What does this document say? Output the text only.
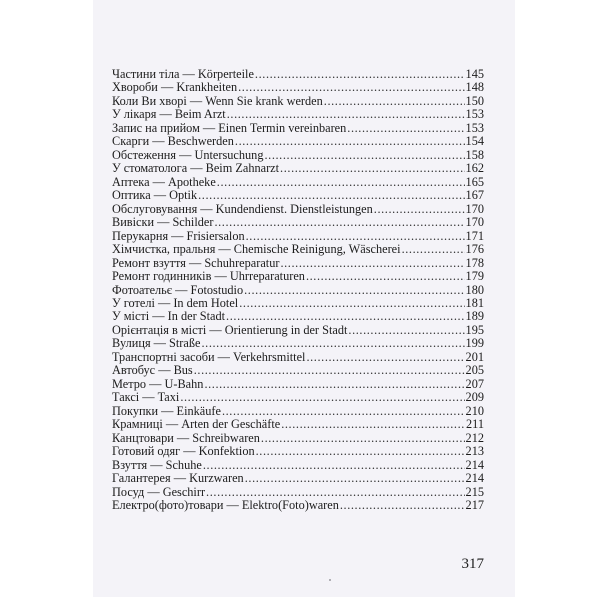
Частини тіла — Körperteile .....	145
Хвороби — Krankheiten .....	148
Коли Ви хворі — Wenn Sie krank werden .....	150
У лікаря — Beim Arzt .....	153
Запис на прийом — Einen Termin vereinbaren .....	153
Скарги — Beschwerden .....	154
Обстеження — Untersuchung .....	158
У стоматолога — Beim Zahnarzt .....	162
Аптека — Apotheke .....	165
Оптика — Optik .....	167
Обслуговування — Kundendienst. Dienstleistungen .....	170
Вивіски — Schilder .....	170
Перукарня — Frisiersalon .....	171
Хімчистка, пральня — Chemische Reinigung, Wäscherei .....	176
Ремонт взуття — Schuhreparatur .....	178
Ремонт годинників — Uhrreparaturen .....	179
Фотоательє — Fotostudio .....	180
У готелі — In dem Hotel .....	181
У місті — In der Stadt .....	189
Орієнтація в місті — Orientierung in der Stadt .....	195
Вулиця — Straße .....	199
Транспортні засоби — Verkehrsmittel .....	201
Автобус — Bus .....	205
Метро — U-Bahn .....	207
Таксі — Taxi .....	209
Покупки — Einkäufe .....	210
Крамниці — Arten der Geschäfte .....	211
Канцтовари — Schreibwaren .....	212
Готовий одяг — Konfektion .....	213
Взуття — Schuhe .....	214
Галантерея — Kurzwaren .....	214
Посуд — Geschirr .....	215
Електро(фото)товари — Elektro(Foto)waren .....	217
317
